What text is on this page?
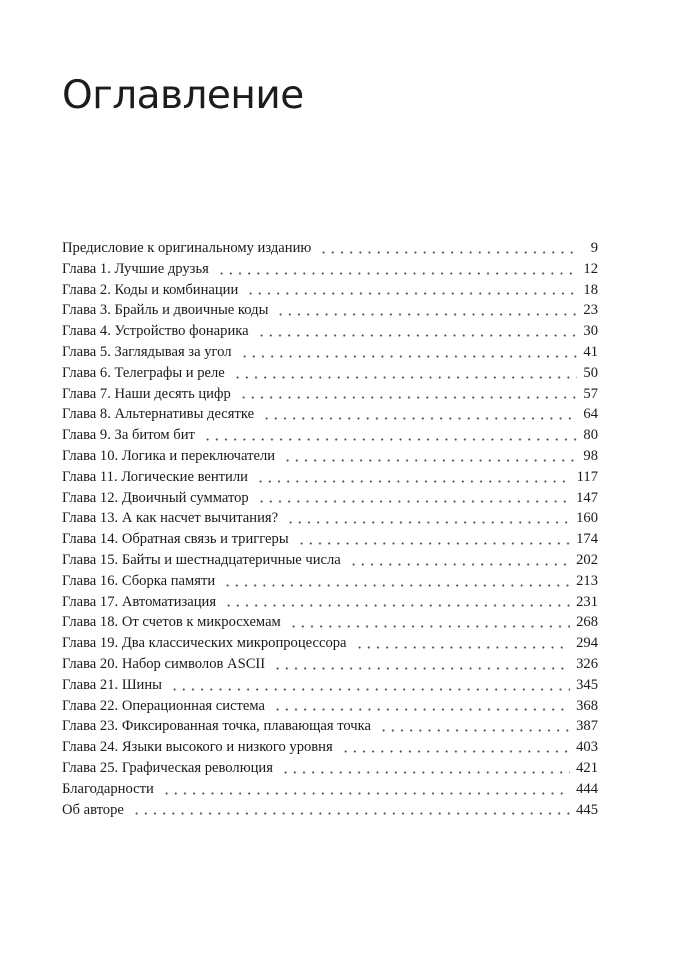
Оглавление
Предисловие к оригинальному изданию	9
Глава 1. Лучшие друзья	12
Глава 2. Коды и комбинации	18
Глава 3. Брайль и двоичные коды	23
Глава 4. Устройство фонарика	30
Глава 5. Заглядывая за угол	41
Глава 6. Телеграфы и реле	50
Глава 7. Наши десять цифр	57
Глава 8. Альтернативы десятке	64
Глава 9. За битом бит	80
Глава 10. Логика и переключатели	98
Глава 11. Логические вентили	117
Глава 12. Двоичный сумматор	147
Глава 13. А как насчет вычитания?	160
Глава 14. Обратная связь и триггеры	174
Глава 15. Байты и шестнадцатеричные числа	202
Глава 16. Сборка памяти	213
Глава 17. Автоматизация	231
Глава 18. От счетов к микросхемам	268
Глава 19. Два классических микропроцессора	294
Глава 20. Набор символов ASCII	326
Глава 21. Шины	345
Глава 22. Операционная система	368
Глава 23. Фиксированная точка, плавающая точка	387
Глава 24. Языки высокого и низкого уровня	403
Глава 25. Графическая революция	421
Благодарности	444
Об авторе	445
